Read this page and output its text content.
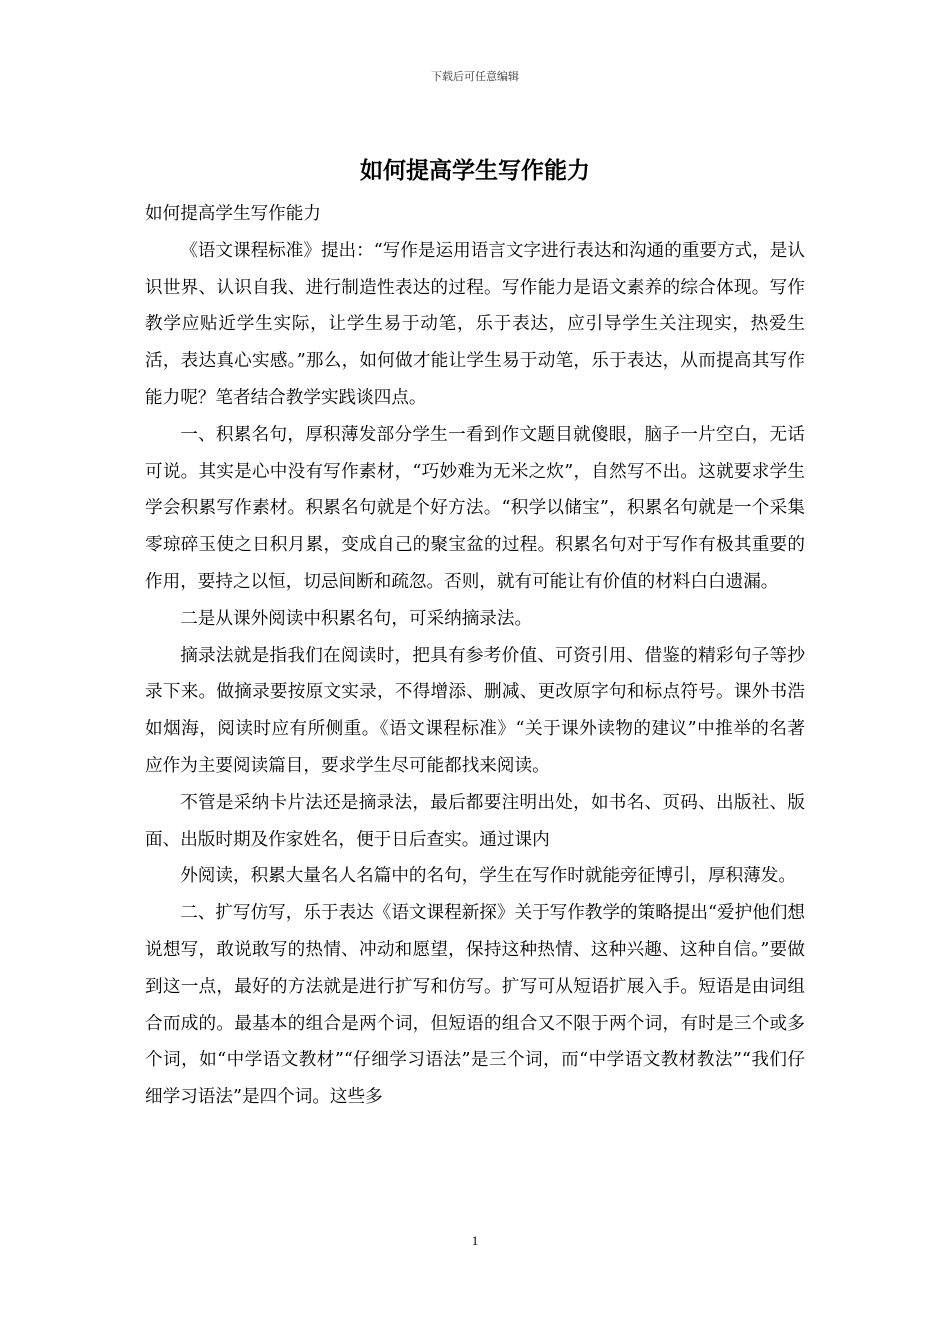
下载后可任意编辑
如何提高学生写作能力

如何提高学生写作能力

《语文课程标准》提出：“写作是运用语言文字进行表达和沟通的重要方式，是认识世界、认识自我、进行制造性表达的过程。写作能力是语文素养的综合体现。写作教学应贴近学生实际，让学生易于动笔，乐于表达，应引导学生关注现实，热爱生活，表达真心实感。”那么，如何做才能让学生易于动笔，乐于表达，从而提高其写作能力呢？笔者结合教学实践谈四点。

一、积累名句，厚积薄发部分学生一看到作文题目就傻眼，脑子一片空白，无话可说。其实是心中没有写作素材，“巧妙难为无米之炊”，自然写不出。这就要求学生学会积累写作素材。积累名句就是个好方法。“积学以储宝”，积累名句就是一个采集零琼碎玉使之日积月累，变成自己的聚宝盆的过程。积累名句对于写作有极其重要的作用，要持之以恒，切忌间断和疏忽。否则，就有可能让有价值的材料白白遗漏。

二是从课外阅读中积累名句，可采纳摘录法。

摘录法就是指我们在阅读时，把具有参考价值、可资引用、借鉴的精彩句子等抄录下来。做摘录要按原文实录，不得增添、删减、更改原字句和标点符号。课外书浩如烟海，阅读时应有所侧重。《语文课程标准》“关于课外读物的建议”中推举的名著应作为主要阅读篇目，要求学生尽可能都找来阅读。

不管是采纳卡片法还是摘录法，最后都要注明出处，如书名、页码、出版社、版面、出版时期及作家姓名，便于日后查实。通过课内

外阅读，积累大量名人名篇中的名句，学生在写作时就能旁征博引，厚积薄发。

二、扩写仿写，乐于表达《语文课程新探》关于写作教学的策略提出“爱护他们想说想写，敢说敢写的热情、冲动和愿望，保持这种热情、这种兴趣、这种自信。”要做到这一点，最好的方法就是进行扩写和仿写。扩写可从短语扩展入手。短语是由词组合而成的。最基本的组合是两个词，但短语的组合又不限于两个词，有时是三个或多个词，如“中学语文教材”“仔细学习语法”是三个词，而“中学语文教材教法”“我们仔细学习语法”是四个词。这些多

1
